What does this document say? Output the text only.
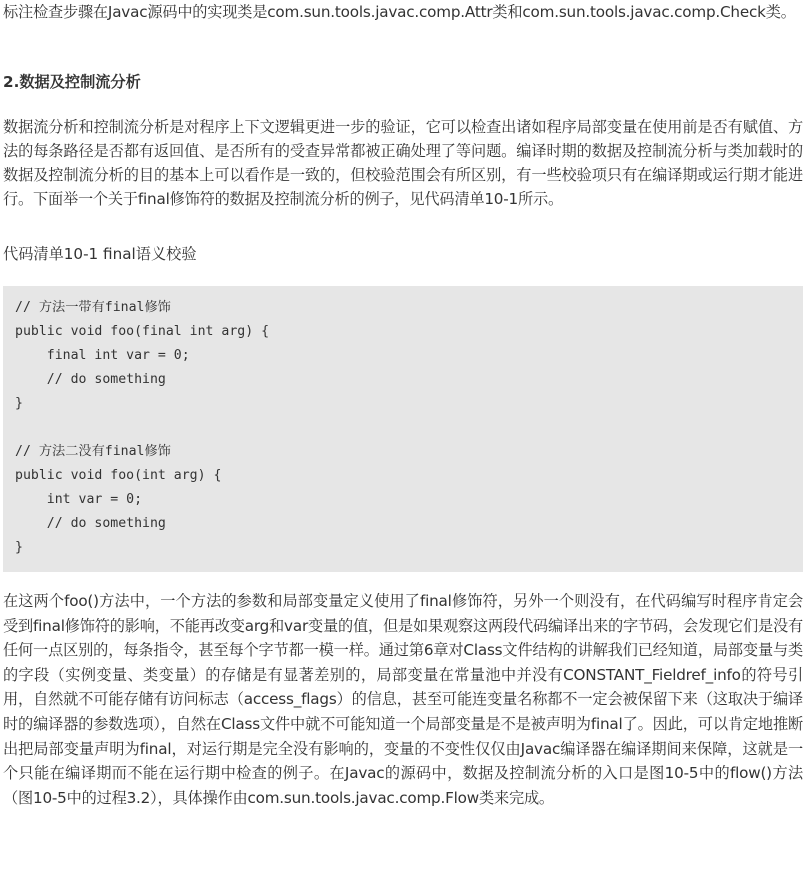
标注检查步骤在Javac源码中的实现类是com.sun.tools.javac.comp.Attr类和com.sun.tools.javac.comp.Check类。

2.数据及控制流分析

数据流分析和控制流分析是对程序上下文逻辑更进一步的验证，它可以检查出诸如程序局部变量在使用前是否有赋值、方法的每条路径是否都有返回值、是否所有的受查异常都被正确处理了等问题。编译时期的数据及控制流分析与类加载时的数据及控制流分析的目的基本上可以看作是一致的，但校验范围会有所区别，有一些校验项只有在编译期或运行期才能进行。下面举一个关于final修饰符的数据及控制流分析的例子，见代码清单10-1所示。

代码清单10-1 final语义校验

// 方法一带有final修饰
public void foo(final int arg) {
final int var = 0;
// do something
}
// 方法二没有final修饰
public void foo(int arg) {
int var = 0;
// do something
}

在这两个foo()方法中，一个方法的参数和局部变量定义使用了final修饰符，另外一个则没有，在代码编写时程序肯定会受到final修饰符的影响，不能再改变arg和var变量的值，但是如果观察这两段代码编译出来的字节码，会发现它们是没有任何一点区别的，每条指令，甚至每个字节都一模一样。通过第6章对Class文件结构的讲解我们已经知道，局部变量与类的字段（实例变量、类变量）的存储是有显著差别的，局部变量在常量池中并没有CONSTANT_Fieldref_info的符号引用，自然就不可能存储有访问标志（access_flags）的信息，甚至可能连变量名称都不一定会被保留下来（这取决于编译时的编译器的参数选项），自然在Class文件中就不可能知道一个局部变量是不是被声明为final了。因此，可以肯定地推断出把局部变量声明为final，对运行期是完全没有影响的，变量的不变性仅仅由Javac编译器在编译期间来保障，这就是一个只能在编译期而不能在运行期中检查的例子。在Javac的源码中，数据及控制流分析的入口是图10-5中的flow()方法（图10-5中的过程3.2），具体操作由com.sun.tools.javac.comp.Flow类来完成。
